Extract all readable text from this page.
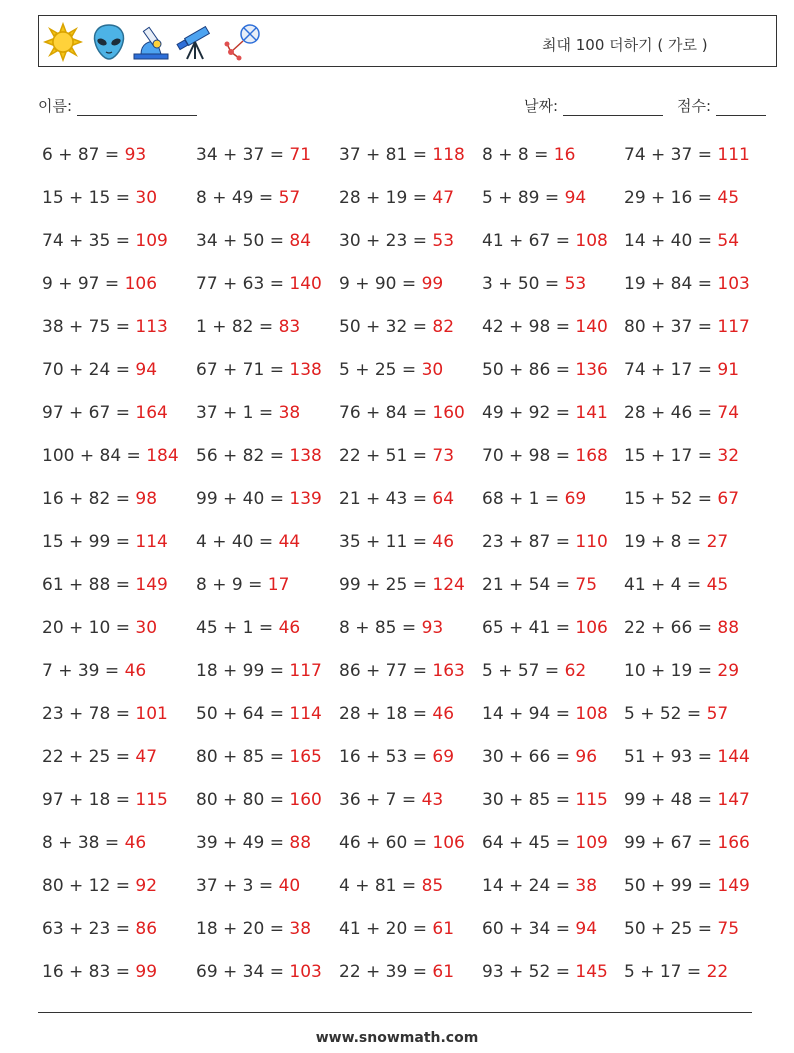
최대 100 더하기 ( 가로 )
이름:	날짜:	점수:
6 + 87 = 93
15 + 15 = 30
74 + 35 = 109
9 + 97 = 106
38 + 75 = 113
70 + 24 = 94
97 + 67 = 164
100 + 84 = 184
16 + 82 = 98
15 + 99 = 114
61 + 88 = 149
20 + 10 = 30
7 + 39 = 46
23 + 78 = 101
22 + 25 = 47
97 + 18 = 115
8 + 38 = 46
80 + 12 = 92
63 + 23 = 86
16 + 83 = 99
34 + 37 = 71
8 + 49 = 57
34 + 50 = 84
77 + 63 = 140
1 + 82 = 83
67 + 71 = 138
37 + 1 = 38
56 + 82 = 138
99 + 40 = 139
4 + 40 = 44
8 + 9 = 17
45 + 1 = 46
18 + 99 = 117
50 + 64 = 114
80 + 85 = 165
80 + 80 = 160
39 + 49 = 88
37 + 3 = 40
18 + 20 = 38
69 + 34 = 103
37 + 81 = 118
28 + 19 = 47
30 + 23 = 53
9 + 90 = 99
50 + 32 = 82
5 + 25 = 30
76 + 84 = 160
22 + 51 = 73
21 + 43 = 64
35 + 11 = 46
99 + 25 = 124
8 + 85 = 93
86 + 77 = 163
28 + 18 = 46
16 + 53 = 69
36 + 7 = 43
46 + 60 = 106
4 + 81 = 85
41 + 20 = 61
22 + 39 = 61
8 + 8 = 16
5 + 89 = 94
41 + 67 = 108
3 + 50 = 53
42 + 98 = 140
50 + 86 = 136
49 + 92 = 141
70 + 98 = 168
68 + 1 = 69
23 + 87 = 110
21 + 54 = 75
65 + 41 = 106
5 + 57 = 62
14 + 94 = 108
30 + 66 = 96
30 + 85 = 115
64 + 45 = 109
14 + 24 = 38
60 + 34 = 94
93 + 52 = 145
74 + 37 = 111
29 + 16 = 45
14 + 40 = 54
19 + 84 = 103
80 + 37 = 117
74 + 17 = 91
28 + 46 = 74
15 + 17 = 32
15 + 52 = 67
19 + 8 = 27
41 + 4 = 45
22 + 66 = 88
10 + 19 = 29
5 + 52 = 57
51 + 93 = 144
99 + 48 = 147
99 + 67 = 166
50 + 99 = 149
50 + 25 = 75
5 + 17 = 22
www.snowmath.com
